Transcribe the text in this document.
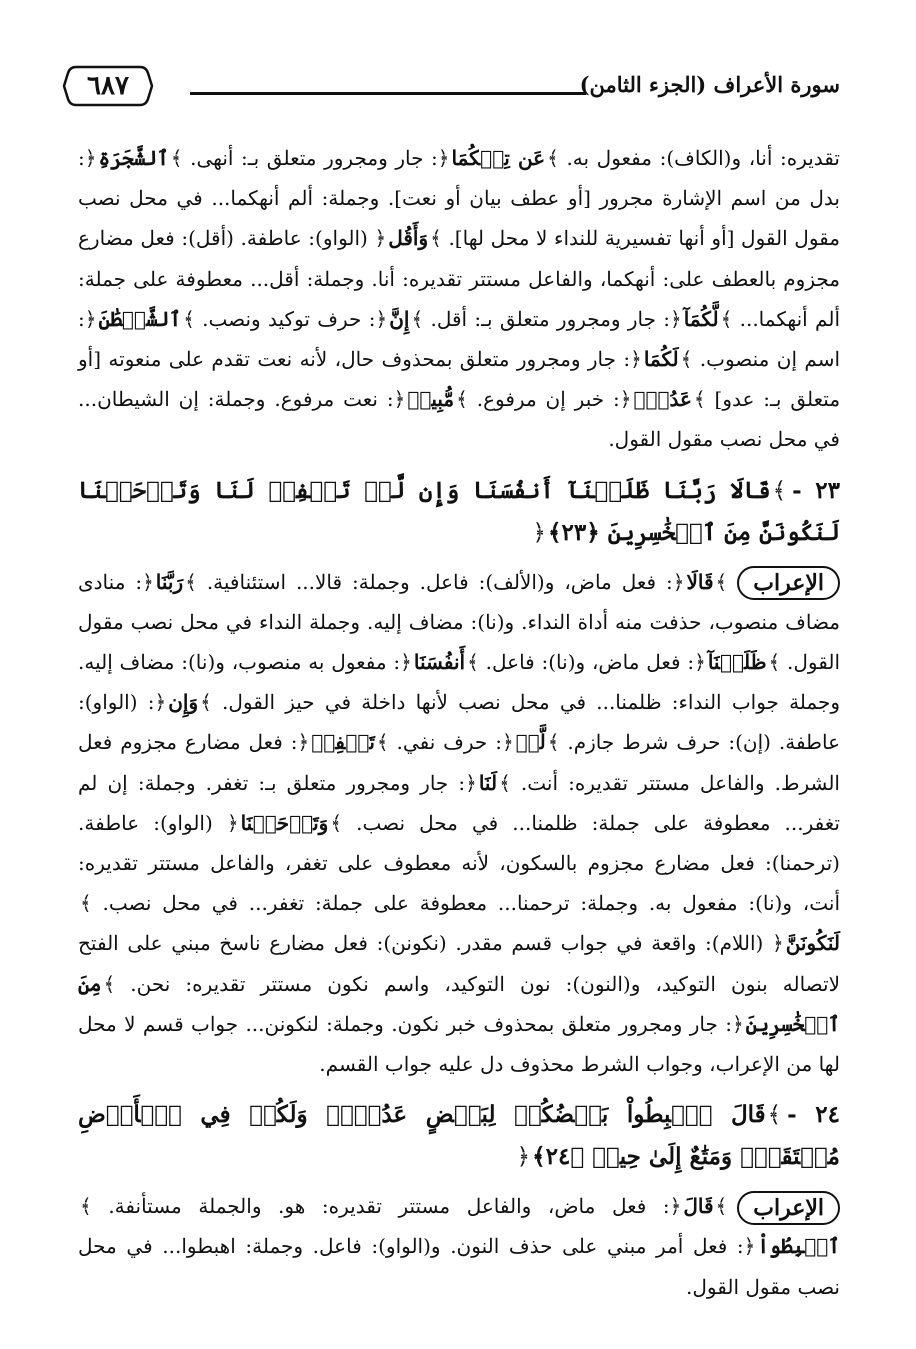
٦٨٧	سورة الأعراف (الجزء الثامن)

تقديره: أنا، و(الكاف): مفعول به. ﴾ عَن تِلۡكُمَا ﴿: جار ومجرور متعلق بـ: أنهى. ﴾ ٱلشَّجَرَةِ ﴿: بدل من اسم الإشارة مجرور [أو عطف بيان أو نعت]. وجملة: ألم أنهكما... في محل نصب مقول القول [أو أنها تفسيرية للنداء لا محل لها]. ﴾ وَأَقُل ﴿ (الواو): عاطفة. (أقل): فعل مضارع مجزوم بالعطف على: أنهكما، والفاعل مستتر تقديره: أنا. وجملة: أقل... معطوفة على جملة: ألم أنهكما... ﴾ لَّكُمَآ ﴿: جار ومجرور متعلق بـ: أقل. ﴾ إِنَّ ﴿: حرف توكيد ونصب. ﴾ ٱلشَّيۡطَٰنَ ﴿: اسم إن منصوب. ﴾ لَكُمَا ﴿: جار ومجرور متعلق بمحذوف حال، لأنه نعت تقدم على منعوته [أو متعلق بـ: عدو] ﴾ عَدُوّٞ ﴿: خبر إن مرفوع. ﴾ مُّبِينٞ ﴿: نعت مرفوع. وجملة: إن الشيطان... في محل نصب مقول القول.

٢٣ -﴾ قَالَا رَبَّنَا ظَلَمۡنَآ أَنفُسَنَا وَإِن لَّمۡ تَغۡفِرۡ لَنَا وَتَرۡحَمۡنَا لَنَكُونَنَّ مِنَ ٱلۡخَٰسِرِينَ ﴿٢٣﴾ ﴿

الإعراب﴾ قَالَا ﴿: فعل ماض، و(الألف): فاعل. وجملة: قالا... استئنافية. ﴾ رَبَّنَا ﴿: منادى مضاف منصوب، حذفت منه أداة النداء. و(نا): مضاف إليه. وجملة النداء في محل نصب مقول القول. ﴾ ظَلَمۡنَآ ﴿: فعل ماض، و(نا): فاعل. ﴾ أَنفُسَنَا ﴿: مفعول به منصوب، و(نا): مضاف إليه. وجملة جواب النداء: ظلمنا... في محل نصب لأنها داخلة في حيز القول. ﴾ وَإِن ﴿: (الواو): عاطفة. (إن): حرف شرط جازم. ﴾ لَّمۡ ﴿: حرف نفي. ﴾ تَغۡفِرۡ ﴿: فعل مضارع مجزوم فعل الشرط. والفاعل مستتر تقديره: أنت. ﴾ لَنَا ﴿: جار ومجرور متعلق بـ: تغفر. وجملة: إن لم تغفر... معطوفة على جملة: ظلمنا... في محل نصب. ﴾ وَتَرۡحَمۡنَا ﴿ (الواو): عاطفة. (ترحمنا): فعل مضارع مجزوم بالسكون، لأنه معطوف على تغفر، والفاعل مستتر تقديره: أنت، و(نا): مفعول به. وجملة: ترحمنا... معطوفة على جملة: تغفر... في محل نصب. ﴾ لَنَكُونَنَّ ﴿ (اللام): واقعة في جواب قسم مقدر. (نكونن): فعل مضارع ناسخ مبني على الفتح لاتصاله بنون التوكيد، و(النون): نون التوكيد، واسم نكون مستتر تقديره: نحن. ﴾ مِنَ ٱلۡخَٰسِرِينَ ﴿: جار ومجرور متعلق بمحذوف خبر نكون. وجملة: لنكونن... جواب قسم لا محل لها من الإعراب، وجواب الشرط محذوف دل عليه جواب القسم.

٢٤ -﴾ قَالَ ٱهۡبِطُواْ بَعۡضُكُمۡ لِبَعۡضٍ عَدُوّٞۖ وَلَكُمۡ فِي ٱلۡأَرۡضِ مُسۡتَقَرّٞ وَمَتَٰعٌ إِلَىٰ حِينٖ ﴿٢٤﴾ ﴿

الإعراب﴾ قَالَ ﴿: فعل ماض، والفاعل مستتر تقديره: هو. والجملة مستأنفة. ﴾ ٱهۡبِطُواْ ﴿: فعل أمر مبني على حذف النون. و(الواو): فاعل. وجملة: اهبطوا... في محل نصب مقول القول.
